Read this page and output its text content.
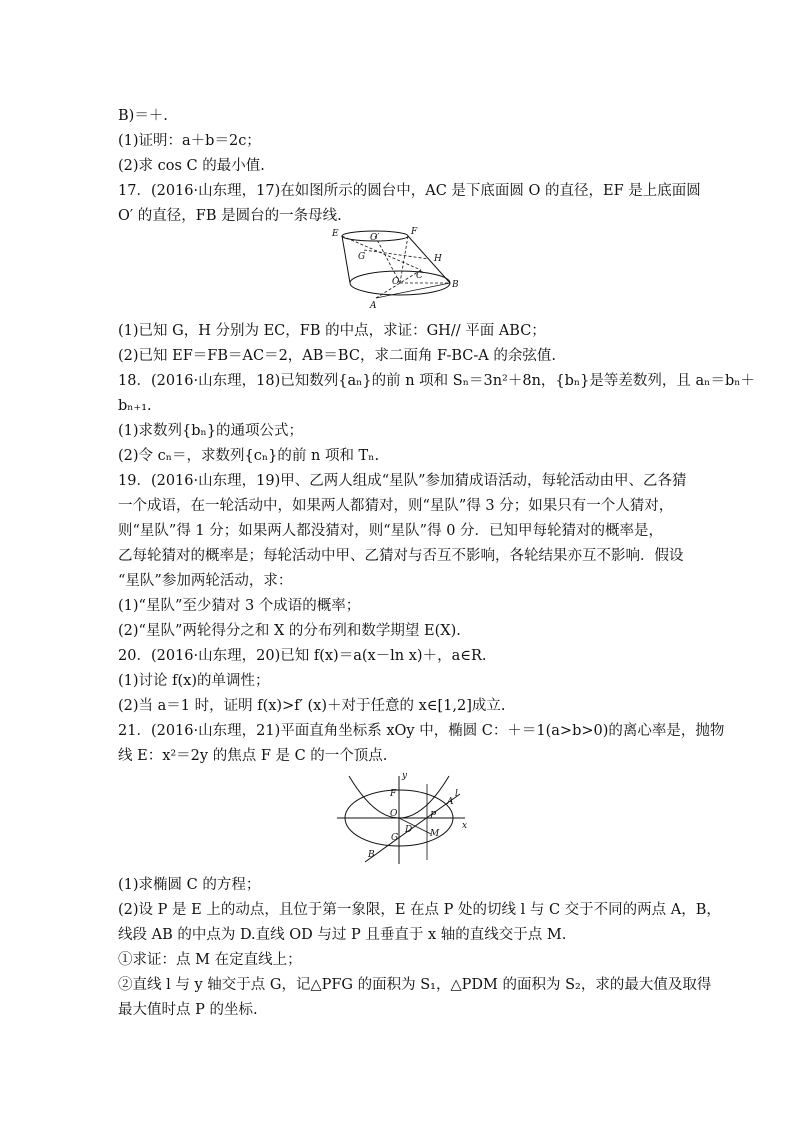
B)＝＋.
(1)证明：a＋b＝2c；
(2)求 cos C 的最小值.
17．(2016·山东理，17)在如图所示的圆台中，AC 是下底面圆 O 的直径，EF 是上底面圆
O′ 的直径，FB 是圆台的一条母线.
E	O′
F
G	H
C
O	B
A
(1)已知 G，H 分别为 EC，FB 的中点，求证：GH// 平面 ABC；
(2)已知 EF＝FB＝AC＝2，AB＝BC，求二面角 F-BC-A 的余弦值.
18．(2016·山东理，18)已知数列{aₙ}的前 n 项和 Sₙ＝3n²＋8n，{bₙ}是等差数列，且 aₙ＝bₙ＋
bₙ₊₁.
(1)求数列{bₙ}的通项公式；
(2)令 cₙ＝，求数列{cₙ}的前 n 项和 Tₙ.
19．(2016·山东理，19)甲、乙两人组成“星队”参加猜成语活动，每轮活动由甲、乙各猜
一个成语，在一轮活动中，如果两人都猜对，则“星队”得 3 分；如果只有一个人猜对，
则“星队”得 1 分；如果两人都没猜对，则“星队”得 0 分．已知甲每轮猜对的概率是，
乙每轮猜对的概率是；每轮活动中甲、乙猜对与否互不影响，各轮结果亦互不影响．假设
“星队”参加两轮活动，求：
(1)“星队”至少猜对 3 个成语的概率；
(2)“星队”两轮得分之和 X 的分布列和数学期望 E(X).
20．(2016·山东理，20)已知 f(x)＝a(x－ln x)＋，a∈R.
(1)讨论 f(x)的单调性；
(2)当 a＝1 时，证明 f(x)>f′ (x)＋对于任意的 x∈[1,2]成立.
21．(2016·山东理，21)平面直角坐标系 xOy 中，椭圆 C：＋＝1(a>b>0)的离心率是，抛物
线 E：x²＝2y 的焦点 F 是 C 的一个顶点.
y
F
O	P
A
l
x
D M
G
B
(1)求椭圆 C 的方程；
(2)设 P 是 E 上的动点，且位于第一象限，E 在点 P 处的切线 l 与 C 交于不同的两点 A，B，
线段 AB 的中点为 D.直线 OD 与过 P 且垂直于 x 轴的直线交于点 M.
①求证：点 M 在定直线上；
②直线 l 与 y 轴交于点 G，记△PFG 的面积为 S₁，△PDM 的面积为 S₂，求的最大值及取得
最大值时点 P 的坐标.
